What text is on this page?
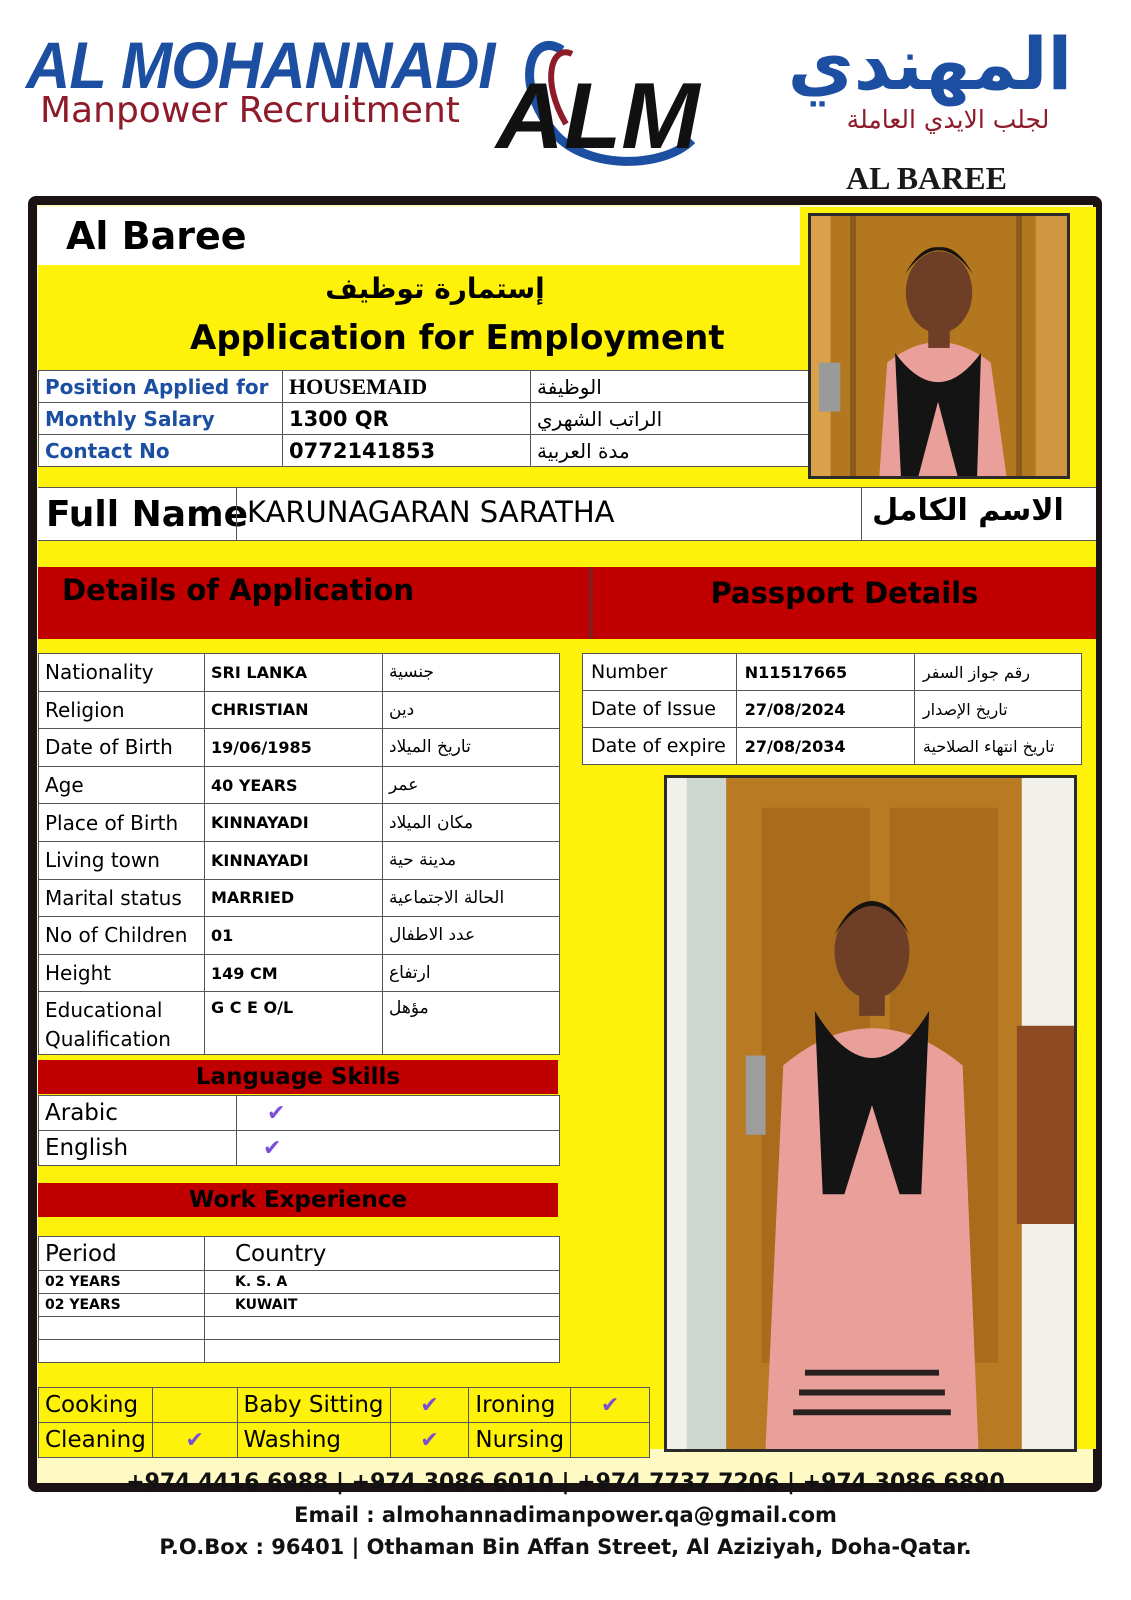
AL MOHANNADI
Manpower Recruitment ALM	المهندي
لجلب الايدي العاملة
AL BAREE
Al Baree
إستمارة توظيف
Application for Employment
Position Applied for	HOUSEMAID	الوظيفة
Monthly Salary	1300 QR	الراتب الشهري
Contact No	0772141853	مدة العربية
Full Name KARUNAGARAN SARATHA	الاسم الكامل
Details of Application	Passport Details
Nationality	SRI LANKA	جنسية
Religion	CHRISTIAN	دين
Date of Birth	19/06/1985	تاريخ الميلاد
Age	40 YEARS	عمر
Place of Birth	KINNAYADI	مكان الميلاد
Living town	KINNAYADI	مدينة حية
Marital status	MARRIED	الحالة الاجتماعية
No of Children	01	عدد الاطفال
Height	149 CM	ارتفاع
Educational Qualification	G C E O/L	مؤهل
Number	N11517665	رقم جواز السفر
Date of Issue	27/08/2024	تاريخ الإصدار
Date of expire	27/08/2034	تاريخ انتهاء الصلاحية
Language Skills
Arabic	✔
English	✔
Work Experience
Period	Country
02 YEARS	K. S. A
02 YEARS	KUWAIT

Cooking		Baby Sitting	✔	Ironing	✔
Cleaning	✔	Washing	✔	Nursing	
+974 4416 6988 | +974 3086 6010 | +974 7737 7206 | +974 3086 6890
Email : almohannadimanpower.qa@gmail.com
P.O.Box : 96401 | Othaman Bin Affan Street, Al Aziziyah, Doha-Qatar.
